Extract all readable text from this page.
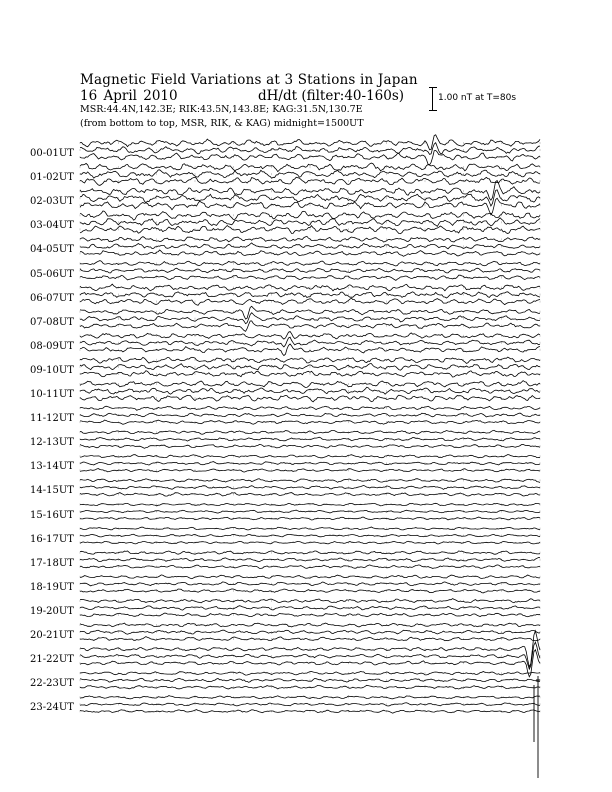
Magnetic Field Variations at 3 Stations in Japan
16 April 2010	dH/dt (filter:40-160s)
MSR:44.4N,142.3E; RIK:43.5N,143.8E; KAG:31.5N,130.7E
(from bottom to top, MSR, RIK, & KAG) midnight=1500UT
1.00 nT at T=80s
00-01UT
01-02UT
02-03UT
03-04UT
04-05UT
05-06UT
06-07UT
07-08UT
08-09UT
09-10UT
10-11UT
11-12UT
12-13UT
13-14UT
14-15UT
15-16UT
16-17UT
17-18UT
18-19UT
19-20UT
20-21UT
21-22UT
22-23UT
23-24UT
